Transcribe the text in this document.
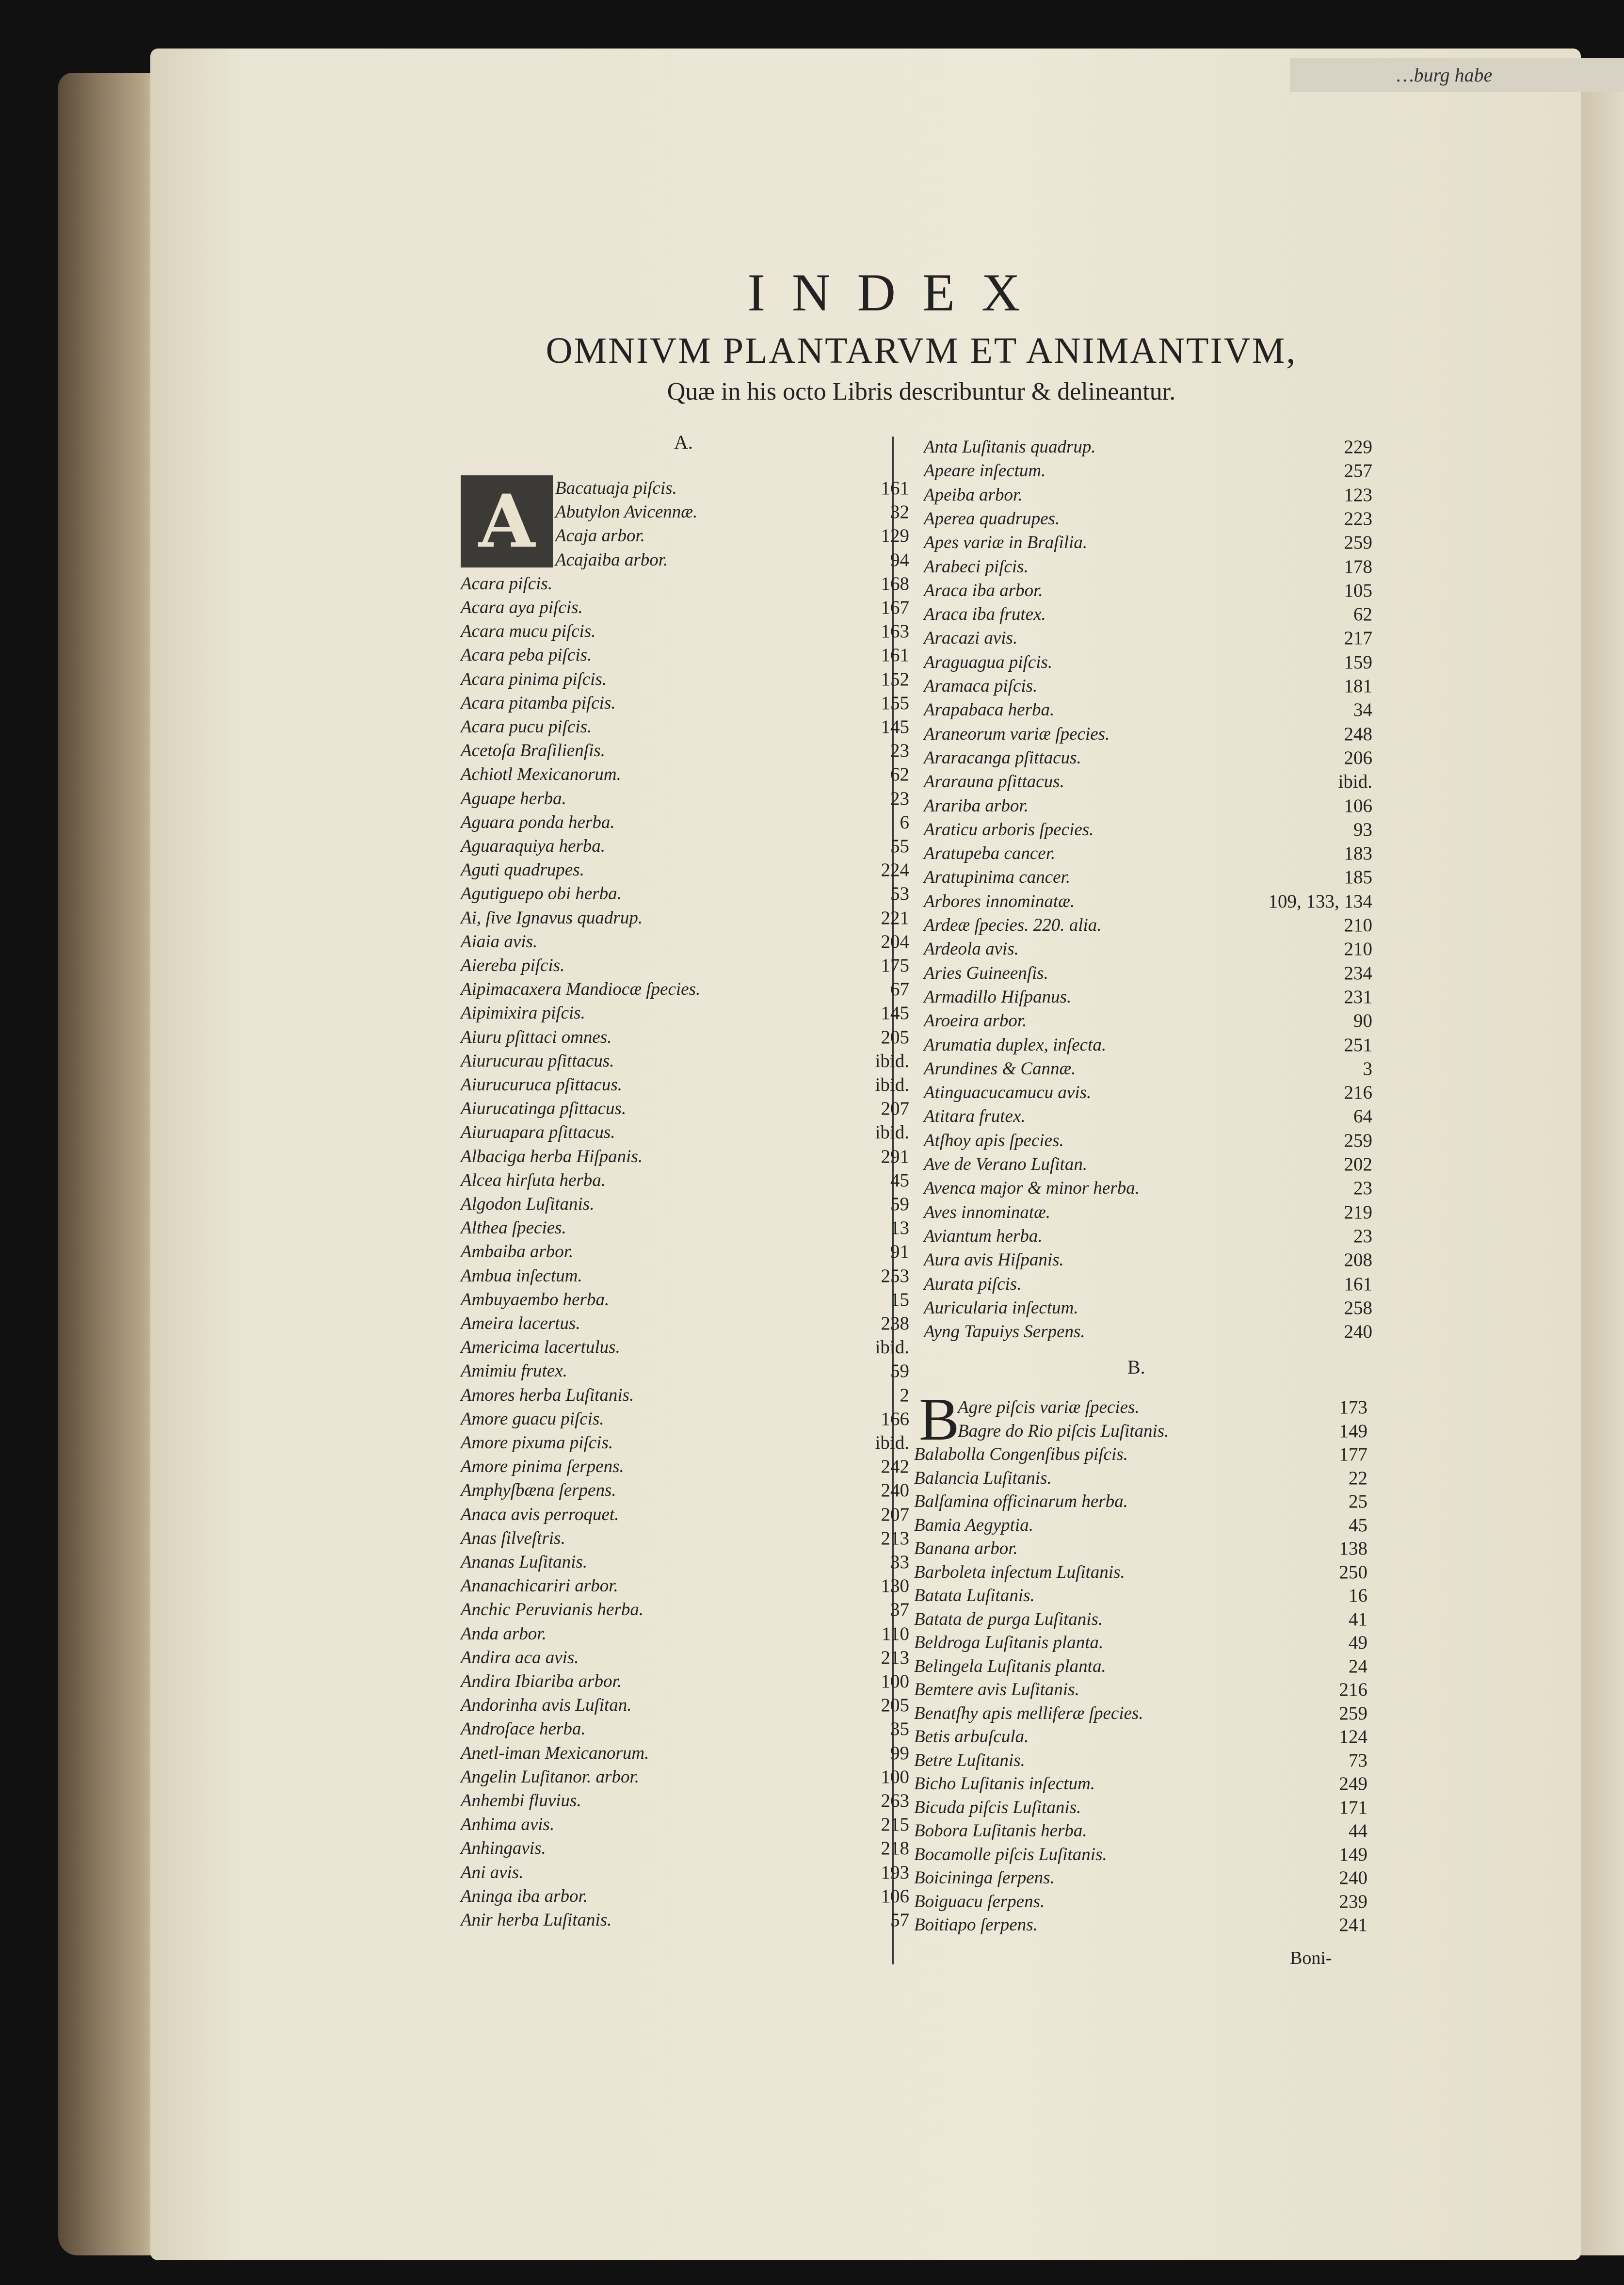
…burg habe
INDEX
OMNIVM PLANTARVM ET ANIMANTIVM,
Quæ in his octo Libris describuntur & delineantur.
A.
A
B.
B
Bacatuaja piſcis.	161
Abutylon Avicennæ.	32
Acaja arbor.	129
Acajaiba arbor.	94
Acara piſcis.	168
Acara aya piſcis.	167
Acara mucu piſcis.	163
Acara peba piſcis.	161
Acara pinima piſcis.	152
Acara pitamba piſcis.	155
Acara pucu piſcis.	145
Acetoſa Braſilienſis.	23
Achiotl Mexicanorum.	62
Aguape herba.	23
Aguara ponda herba.	6
Aguaraquiya herba.	55
Aguti quadrupes.	224
Agutiguepo obi herba.	53
Ai, ſive Ignavus quadrup.	221
Aiaia avis.	204
Aiereba piſcis.	175
Aipimacaxera Mandiocæ ſpecies.	67
Aipimixira piſcis.	145
Aiuru pſittaci omnes.	205
Aiurucurau pſittacus.	ibid.
Aiurucuruca pſittacus.	ibid.
Aiurucatinga pſittacus.	207
Aiuruapara pſittacus.	ibid.
Albaciga herba Hiſpanis.	291
Alcea hirſuta herba.	45
Algodon Luſitanis.	59
Althea ſpecies.	13
Ambaiba arbor.	91
Ambua inſectum.	253
Ambuyaembo herba.	15
Ameira lacertus.	238
Americima lacertulus.	ibid.
Amimiu frutex.	59
Amores herba Luſitanis.	2
Amore guacu piſcis.	166
Amore pixuma piſcis.	ibid.
Amore pinima ſerpens.	242
Amphyſbæna ſerpens.	240
Anaca avis perroquet.	207
Anas ſilveſtris.	213
Ananas Luſitanis.	33
Ananachicariri arbor.	130
Anchic Peruvianis herba.	37
Anda arbor.	110
Andira aca avis.	213
Andira Ibiariba arbor.	100
Andorinha avis Luſitan.	205
Androſace herba.	35
Anetl-iman Mexicanorum.	99
Angelin Luſitanor. arbor.	100
Anhembi fluvius.	263
Anhima avis.	215
Anhingavis.	218
Ani avis.	193
Aninga iba arbor.	106
Anir herba Luſitanis.	57
Anta Luſitanis quadrup.	229
Apeare inſectum.	257
Apeiba arbor.	123
Aperea quadrupes.	223
Apes variæ in Braſilia.	259
Arabeci piſcis.	178
Araca iba arbor.	105
Araca iba frutex.	62
Aracazi avis.	217
Araguagua piſcis.	159
Aramaca piſcis.	181
Arapabaca herba.	34
Araneorum variæ ſpecies.	248
Araracanga pſittacus.	206
Ararauna pſittacus.	ibid.
Arariba arbor.	106
Araticu arboris ſpecies.	93
Aratupeba cancer.	183
Aratupinima cancer.	185
Arbores innominatæ.	109, 133, 134
Ardeæ ſpecies. 220. alia.	210
Ardeola avis.	210
Aries Guineenſis.	234
Armadillo Hiſpanus.	231
Aroeira arbor.	90
Arumatia duplex, inſecta.	251
Arundines & Cannæ.	3
Atinguacucamucu avis.	216
Atitara frutex.	64
Atſhoy apis ſpecies.	259
Ave de Verano Luſitan.	202
Avenca major & minor herba.	23
Aves innominatæ.	219
Aviantum herba.	23
Aura avis Hiſpanis.	208
Aurata piſcis.	161
Auricularia inſectum.	258
Ayng Tapuiys Serpens.	240
Agre piſcis variæ ſpecies.	173
Bagre do Rio piſcis Luſitanis.	149
Balabolla Congenſibus piſcis.	177
Balancia Luſitanis.	22
Balſamina officinarum herba.	25
Bamia Aegyptia.	45
Banana arbor.	138
Barboleta inſectum Luſitanis.	250
Batata Luſitanis.	16
Batata de purga Luſitanis.	41
Beldroga Luſitanis planta.	49
Belingela Luſitanis planta.	24
Bemtere avis Luſitanis.	216
Benatſhy apis melliferæ ſpecies.	259
Betis arbuſcula.	124
Betre Luſitanis.	73
Bicho Luſitanis inſectum.	249
Bicuda piſcis Luſitanis.	171
Bobora Luſitanis herba.	44
Bocamolle piſcis Luſitanis.	149
Boicininga ſerpens.	240
Boiguacu ſerpens.	239
Boitiapo ſerpens.	241
Boni-
